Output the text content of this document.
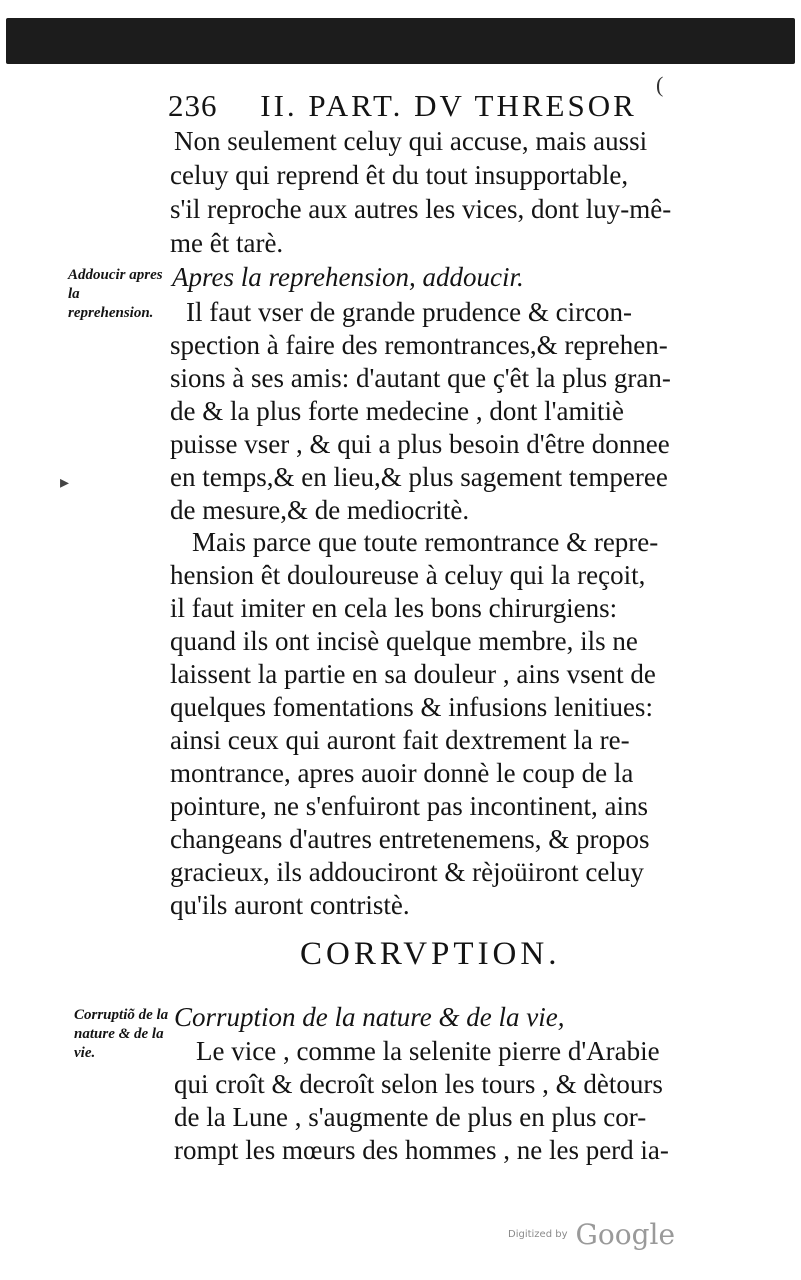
(
236 II. PART. DV THRESOR
Non seulement celuy qui accuse, mais aussi
celuy qui reprend êt du tout insupportable,
s'il reproche aux autres les vices, dont luy-mê-
me êt tarè.
Addoucir apres la reprehension.
Apres la reprehension, addoucir.
Il faut vser de grande prudence & circon-
spection à faire des remontrances,& reprehen-
sions à ses amis: d'autant que ç'êt la plus gran-
de & la plus forte medecine , dont l'amitiè
puisse vser , & qui a plus besoin d'être donnee
en temps,& en lieu,& plus sagement temperee
de mesure,& de mediocritè.
▸
Mais parce que toute remontrance & repre-
hension êt douloureuse à celuy qui la reçoit,
il faut imiter en cela les bons chirurgiens:
quand ils ont incisè quelque membre, ils ne
laissent la partie en sa douleur , ains vsent de
quelques fomentations & infusions lenitiues:
ainsi ceux qui auront fait dextrement la re-
montrance, apres auoir donnè le coup de la
pointure, ne s'enfuiront pas incontinent, ains
changeans d'autres entretenemens, & propos
gracieux, ils addouciront & rèjoüiront celuy
qu'ils auront contristè.
CORRVPTION.
Corruptiõ de la nature & de la vie.
Corruption de la nature & de la vie,
Le vice , comme la selenite pierre d'Arabie
qui croît & decroît selon les tours , & dètours
de la Lune , s'augmente de plus en plus cor-
rompt les mœurs des hommes , ne les perd ia-
Digitized by Google
